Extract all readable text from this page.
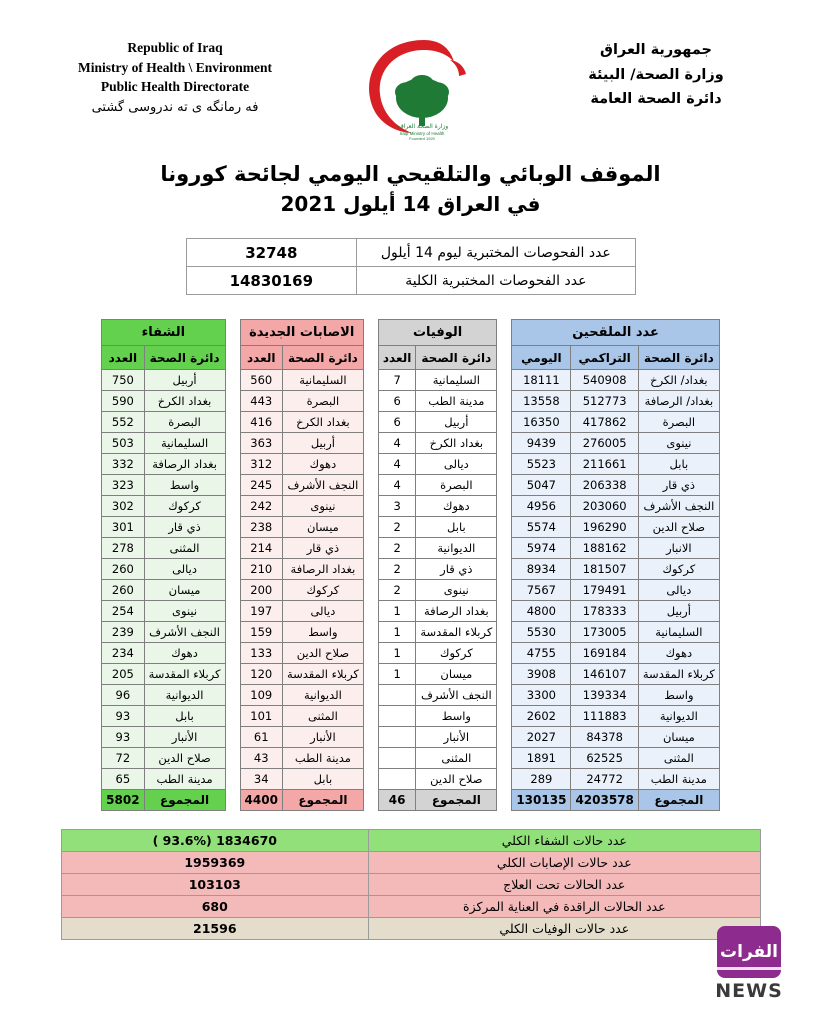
Republic of Iraq
Ministry of Health \ Environment
Public Health Directorate
فه رمانگه ى ته ندروسى گشتى
وزارة الصحة العراقية
Iraqi Ministry of Health
Founded 1920
جمهورية العراق
وزارة الصحة/ البيئة
دائرة الصحة العامة
الموقف الوبائي والتلقيحي اليومي لجائحة كورونا
في العراق 14 أيلول 2021
عدد الفحوصات المختبرية ليوم 14 أيلول	32748
عدد الفحوصات المختبرية الكلية	14830169
الشفاء	
دائرة الصحة	العدد
أربيل	750
بغداد الكرخ	590
البصرة	552
السليمانية	503
بغداد الرصافة	332
واسط	323
كركوك	302
ذي قار	301
المثنى	278
ديالى	260
ميسان	260
نينوى	254
النجف الأشرف	239
دهوك	234
كربلاء المقدسة	205
الديوانية	96
بابل	93
الأنبار	93
صلاح الدين	72
مدينة الطب	65
المجموع	5802
الاصابات الجديدة	
دائرة الصحة	العدد
السليمانية	560
البصرة	443
بغداد الكرخ	416
أربيل	363
دهوك	312
النجف الأشرف	245
نينوى	242
ميسان	238
ذي قار	214
بغداد الرصافة	210
كركوك	200
ديالى	197
واسط	159
صلاح الدين	133
كربلاء المقدسة	120
الديوانية	109
المثنى	101
الأنبار	61
مدينة الطب	43
بابل	34
المجموع	4400
الوفيات	
دائرة الصحة	العدد
السليمانية	7
مدينة الطب	6
أربيل	6
بغداد الكرخ	4
ديالى	4
البصرة	4
دهوك	3
بابل	2
الديوانية	2
ذي قار	2
نينوى	2
بغداد الرصافة	1
كربلاء المقدسة	1
كركوك	1
ميسان	1
النجف الأشرف	
واسط	
الأنبار	
المثنى	
صلاح الدين	
المجموع	46
عدد الملقحين		
دائرة الصحة	التراكمي	اليومي
بغداد/ الكرخ	540908	18111
بغداد/ الرصافة	512773	13558
البصرة	417862	16350
نينوى	276005	9439
بابل	211661	5523
ذي قار	206338	5047
النجف الأشرف	203060	4956
صلاح الدين	196290	5574
الانبار	188162	5974
كركوك	181507	8934
ديالى	179491	7567
أربيل	178333	4800
السليمانية	173005	5530
دهوك	169184	4755
كربلاء المقدسة	146107	3908
واسط	139334	3300
الديوانية	111883	2602
ميسان	84378	2027
المثنى	62525	1891
مدينة الطب	24772	289
المجموع	4203578	130135
عدد حالات الشفاء الكلي	1834670 (93.6% )
عدد حالات الإصابات الكلي	1959369
عدد الحالات تحت العلاج	103103
عدد الحالات الراقدة في العناية المركزة	680
عدد حالات الوفيات الكلي	21596
الفرات
NEWS
